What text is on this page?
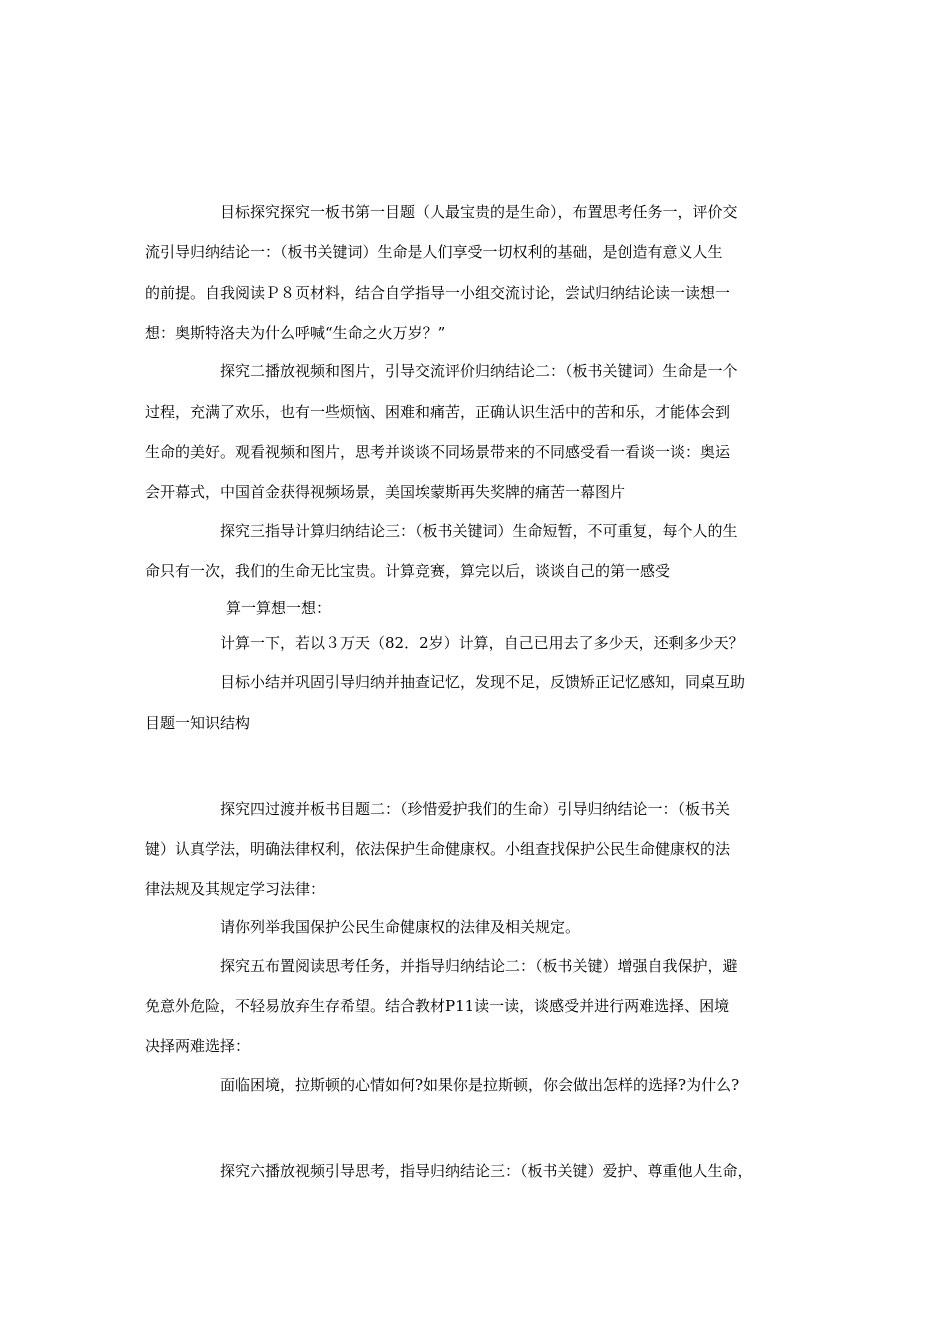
目标探究探究一板书第一目题（人最宝贵的是生命），布置思考任务一，评价交
流引导归纳结论一：（板书关键词）生命是人们享受一切权利的基础，是创造有意义人生
的前提。自我阅读Ｐ８页材料，结合自学指导一小组交流讨论，尝试归纳结论读一读想一
想：奥斯特洛夫为什么呼喊“生命之火万岁？”
探究二播放视频和图片，引导交流评价归纳结论二：（板书关键词）生命是一个
过程，充满了欢乐，也有一些烦恼、困难和痛苦，正确认识生活中的苦和乐，才能体会到
生命的美好。观看视频和图片，思考并谈谈不同场景带来的不同感受看一看谈一谈：奥运
会开幕式，中国首金获得视频场景，美国埃蒙斯再失奖牌的痛苦一幕图片
探究三指导计算归纳结论三：（板书关键词）生命短暂，不可重复，每个人的生
命只有一次，我们的生命无比宝贵。计算竞赛，算完以后，谈谈自己的第一感受
算一算想一想：
计算一下，若以３万天（82．2岁）计算，自己已用去了多少天，还剩多少天？
目标小结并巩固引导归纳并抽查记忆，发现不足，反馈矫正记忆感知，同桌互助
目题一知识结构
探究四过渡并板书目题二：（珍惜爱护我们的生命）引导归纳结论一：（板书关
键）认真学法，明确法律权利，依法保护生命健康权。小组查找保护公民生命健康权的法
律法规及其规定学习法律：
请你列举我国保护公民生命健康权的法律及相关规定。
探究五布置阅读思考任务，并指导归纳结论二：（板书关键）增强自我保护，避
免意外危险，不轻易放弃生存希望。结合教材P11读一读，谈感受并进行两难选择、困境
决择两难选择：
面临困境，拉斯顿的心情如何?如果你是拉斯顿，你会做出怎样的选择?为什么?
探究六播放视频引导思考，指导归纳结论三：（板书关键）爱护、尊重他人生命，
